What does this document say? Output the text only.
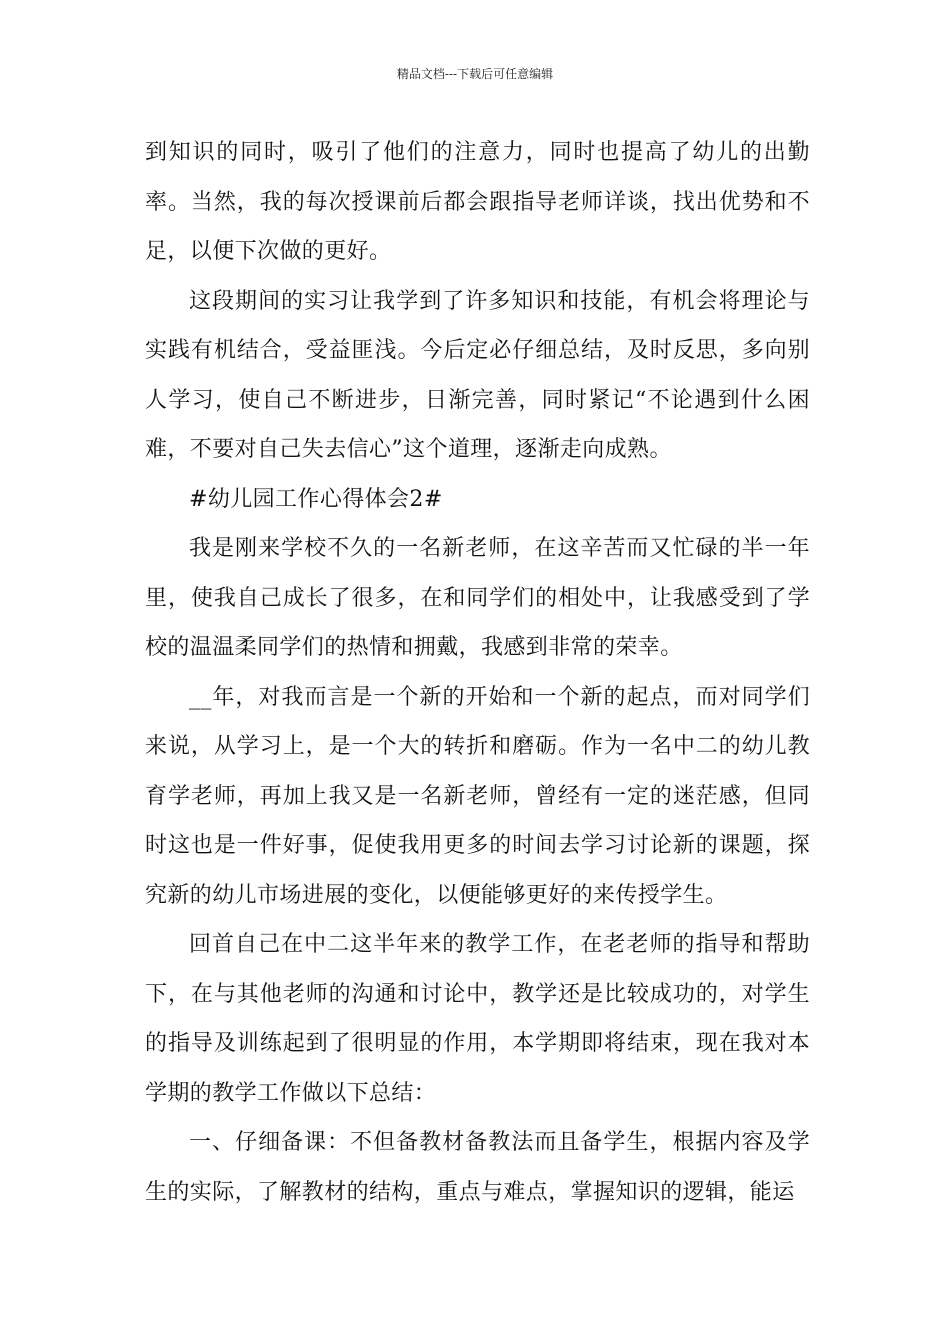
精品文档---下载后可任意编辑

到知识的同时，吸引了他们的注意力，同时也提高了幼儿的出勤率。当然，我的每次授课前后都会跟指导老师详谈，找出优势和不足，以便下次做的更好。

这段期间的实习让我学到了许多知识和技能，有机会将理论与实践有机结合，受益匪浅。今后定必仔细总结，及时反思，多向别人学习，使自己不断进步，日渐完善，同时紧记“不论遇到什么困难，不要对自己失去信心”这个道理，逐渐走向成熟。

#幼儿园工作心得体会2#

我是刚来学校不久的一名新老师，在这辛苦而又忙碌的半一年里，使我自己成长了很多，在和同学们的相处中，让我感受到了学校的温温柔同学们的热情和拥戴，我感到非常的荣幸。

__年，对我而言是一个新的开始和一个新的起点，而对同学们来说，从学习上，是一个大的转折和磨砺。作为一名中二的幼儿教育学老师，再加上我又是一名新老师，曾经有一定的迷茫感，但同时这也是一件好事，促使我用更多的时间去学习讨论新的课题，探究新的幼儿市场进展的变化，以便能够更好的来传授学生。

回首自己在中二这半年来的教学工作，在老老师的指导和帮助下，在与其他老师的沟通和讨论中，教学还是比较成功的，对学生的指导及训练起到了很明显的作用，本学期即将结束，现在我对本学期的教学工作做以下总结：

一、仔细备课：不但备教材备教法而且备学生，根据内容及学生的实际，了解教材的结构，重点与难点，掌握知识的逻辑，能运
